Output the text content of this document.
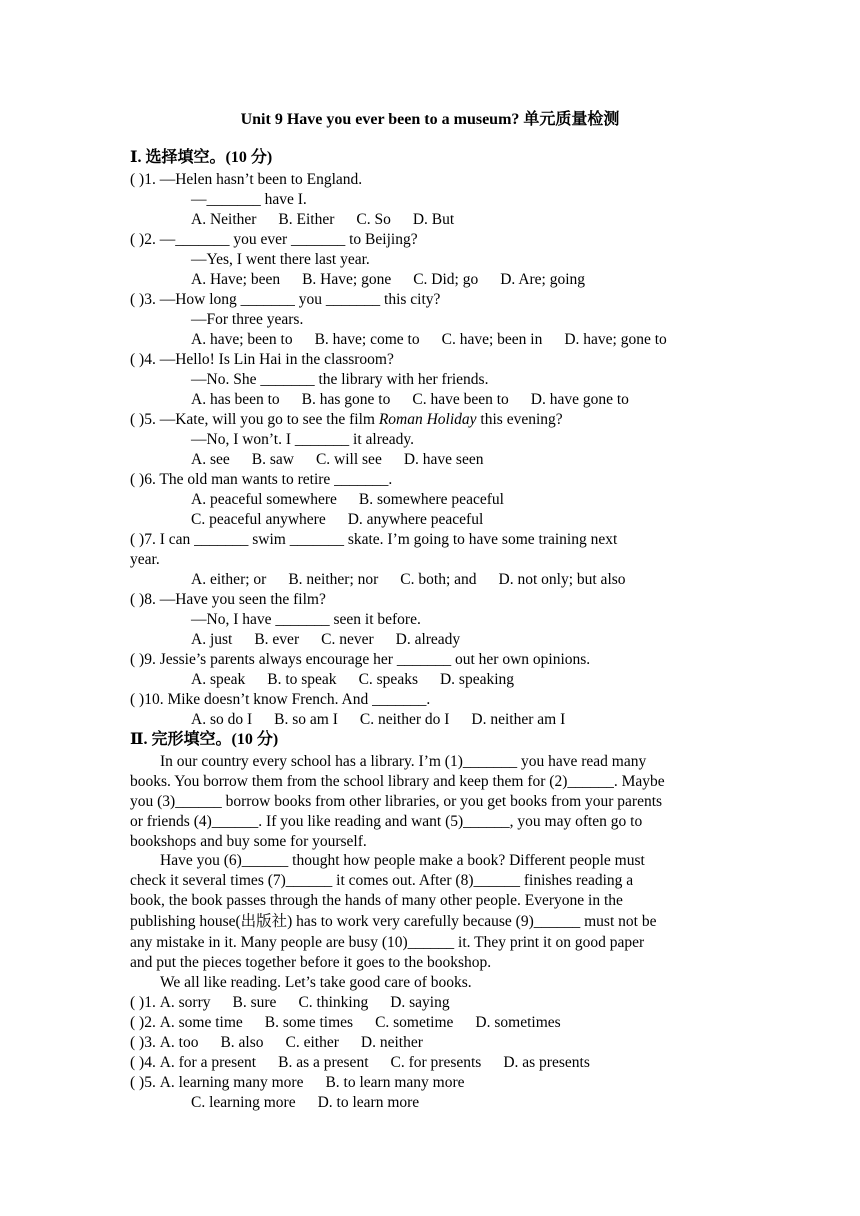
Unit 9 Have you ever been to a museum? 单元质量检测
Ⅰ. 选择填空。(10 分)
( )1. —Helen hasn’t been to England.
—_______ have I.
A. Neither B. Either C. So D. But
( )2. —_______ you ever _______ to Beijing?
—Yes, I went there last year.
A. Have; been B. Have; gone C. Did; go D. Are; going
( )3. —How long _______ you _______ this city?
—For three years.
A. have; been to B. have; come to C. have; been in D. have; gone to
( )4. —Hello! Is Lin Hai in the classroom?
—No. She _______ the library with her friends.
A. has been to B. has gone to C. have been to D. have gone to
( )5. —Kate, will you go to see the film Roman Holiday this evening?
—No, I won’t. I _______ it already.
A. see B. saw C. will see D. have seen
( )6. The old man wants to retire _______.
A. peaceful somewhere B. somewhere peaceful
C. peaceful anywhere D. anywhere peaceful
( )7. I can _______ swim _______ skate. I’m going to have some training next
year.
A. either; or B. neither; nor C. both; and D. not only; but also
( )8. —Have you seen the film?
—No, I have _______ seen it before.
A. just B. ever C. never D. already
( )9. Jessie’s parents always encourage her _______ out her own opinions.
A. speak B. to speak C. speaks D. speaking
( )10. Mike doesn’t know French. And _______.
A. so do I B. so am I C. neither do I D. neither am I
Ⅱ. 完形填空。(10 分)
In our country every school has a library. I’m (1)_______ you have read many
books. You borrow them from the school library and keep them for (2)______. Maybe
you (3)______ borrow books from other libraries, or you get books from your parents
or friends (4)______. If you like reading and want (5)______, you may often go to
bookshops and buy some for yourself.
Have you (6)______ thought how people make a book? Different people must
check it several times (7)______ it comes out. After (8)______ finishes reading a
book, the book passes through the hands of many other people. Everyone in the
publishing house(出版社) has to work very carefully because (9)______ must not be
any mistake in it. Many people are busy (10)______ it. They print it on good paper
and put the pieces together before it goes to the bookshop.
We all like reading. Let’s take good care of books.
( )1. A. sorry B. sure C. thinking D. saying
( )2. A. some time B. some times C. sometime D. sometimes
( )3. A. too B. also C. either D. neither
( )4. A. for a present B. as a present C. for presents D. as presents
( )5. A. learning many more B. to learn many more
C. learning more D. to learn more
